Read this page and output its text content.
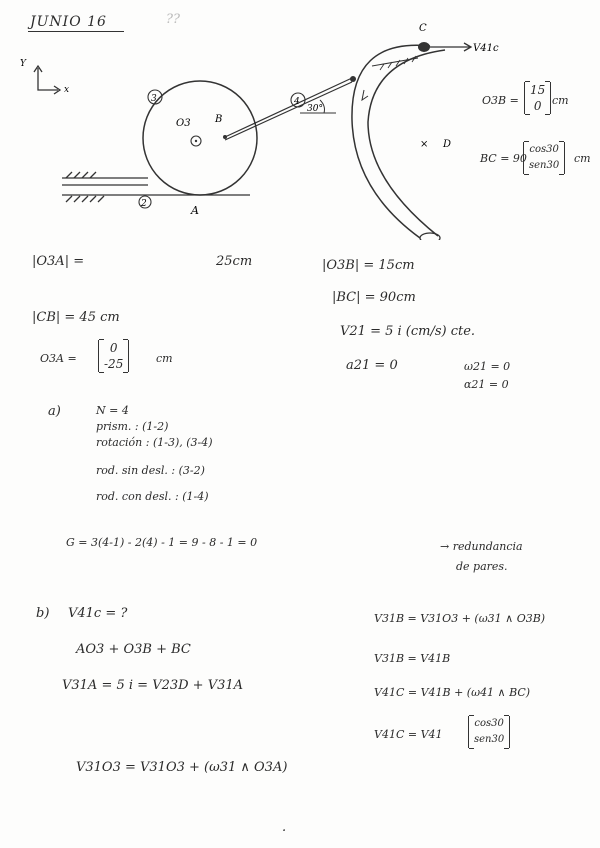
JUNIO 16	??
Y
x
2
3
O3 B
A
4
30°
V41c
C
× D
O3B =
15
0 cm
BC = 90
cos30
sen30
cm
|O3A| =	25cm	|O3B| = 15cm
|BC| = 90cm
|CB| = 45 cm
O3A =
0
-25	cm
V21 = 5 i (cm/s) cte.
a21 = 0	ω21 = 0
α21 = 0
a)	N = 4
prism. : (1-2)
rotación : (1-3), (3-4)
rod. sin desl. : (3-2)
rod. con desl. : (1-4)
G = 3(4-1) - 2(4) - 1 = 9 - 8 - 1 = 0	→ redundancia
de pares.
b) V41c = ?
AO3 + O3B + BC
V31A = 5 i = V23D + V31A
V31O3 = V31O3 + (ω31 ∧ O3A)
V31B = V31O3 + (ω31 ∧ O3B)
V31B = V41B
V41C = V41B + (ω41 ∧ BC)
V41C = V41
cos30
sen30
.
